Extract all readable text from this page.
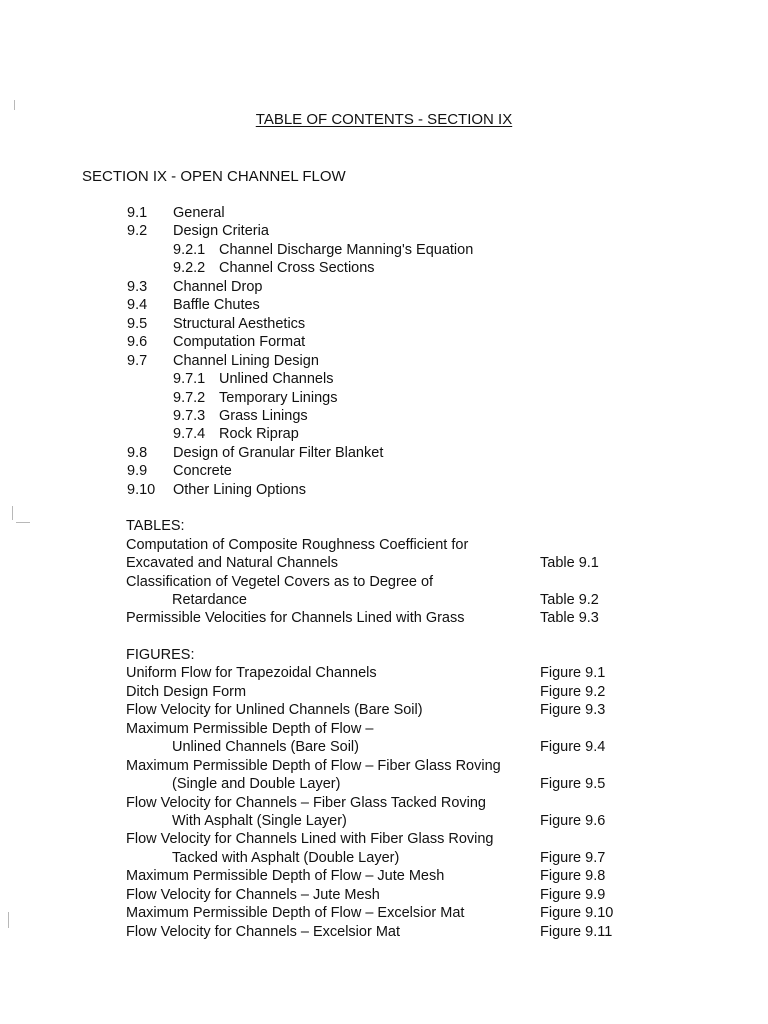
TABLE OF CONTENTS - SECTION IX
SECTION IX - OPEN CHANNEL FLOW
9.1 General
9.2 Design Criteria
9.2.1 Channel Discharge Manning's Equation
9.2.2 Channel Cross Sections
9.3 Channel Drop
9.4 Baffle Chutes
9.5 Structural Aesthetics
9.6 Computation Format
9.7 Channel Lining Design
9.7.1 Unlined Channels
9.7.2 Temporary Linings
9.7.3 Grass Linings
9.7.4 Rock Riprap
9.8 Design of Granular Filter Blanket
9.9 Concrete
9.10 Other Lining Options
TABLES:
Computation of Composite Roughness Coefficient for
Excavated and Natural Channels	Table 9.1
Classification of Vegetel Covers as to Degree of
Retardance	Table 9.2
Permissible Velocities for Channels Lined with Grass	Table 9.3
FIGURES:
Uniform Flow for Trapezoidal Channels	Figure 9.1
Ditch Design Form	Figure 9.2
Flow Velocity for Unlined Channels (Bare Soil)	Figure 9.3
Maximum Permissible Depth of Flow –
Unlined Channels (Bare Soil)	Figure 9.4
Maximum Permissible Depth of Flow – Fiber Glass Roving
(Single and Double Layer)	Figure 9.5
Flow Velocity for Channels – Fiber Glass Tacked Roving
With Asphalt (Single Layer)	Figure 9.6
Flow Velocity for Channels Lined with Fiber Glass Roving
Tacked with Asphalt (Double Layer)	Figure 9.7
Maximum Permissible Depth of Flow – Jute Mesh	Figure 9.8
Flow Velocity for Channels – Jute Mesh	Figure 9.9
Maximum Permissible Depth of Flow – Excelsior Mat	Figure 9.10
Flow Velocity for Channels – Excelsior Mat	Figure 9.11
